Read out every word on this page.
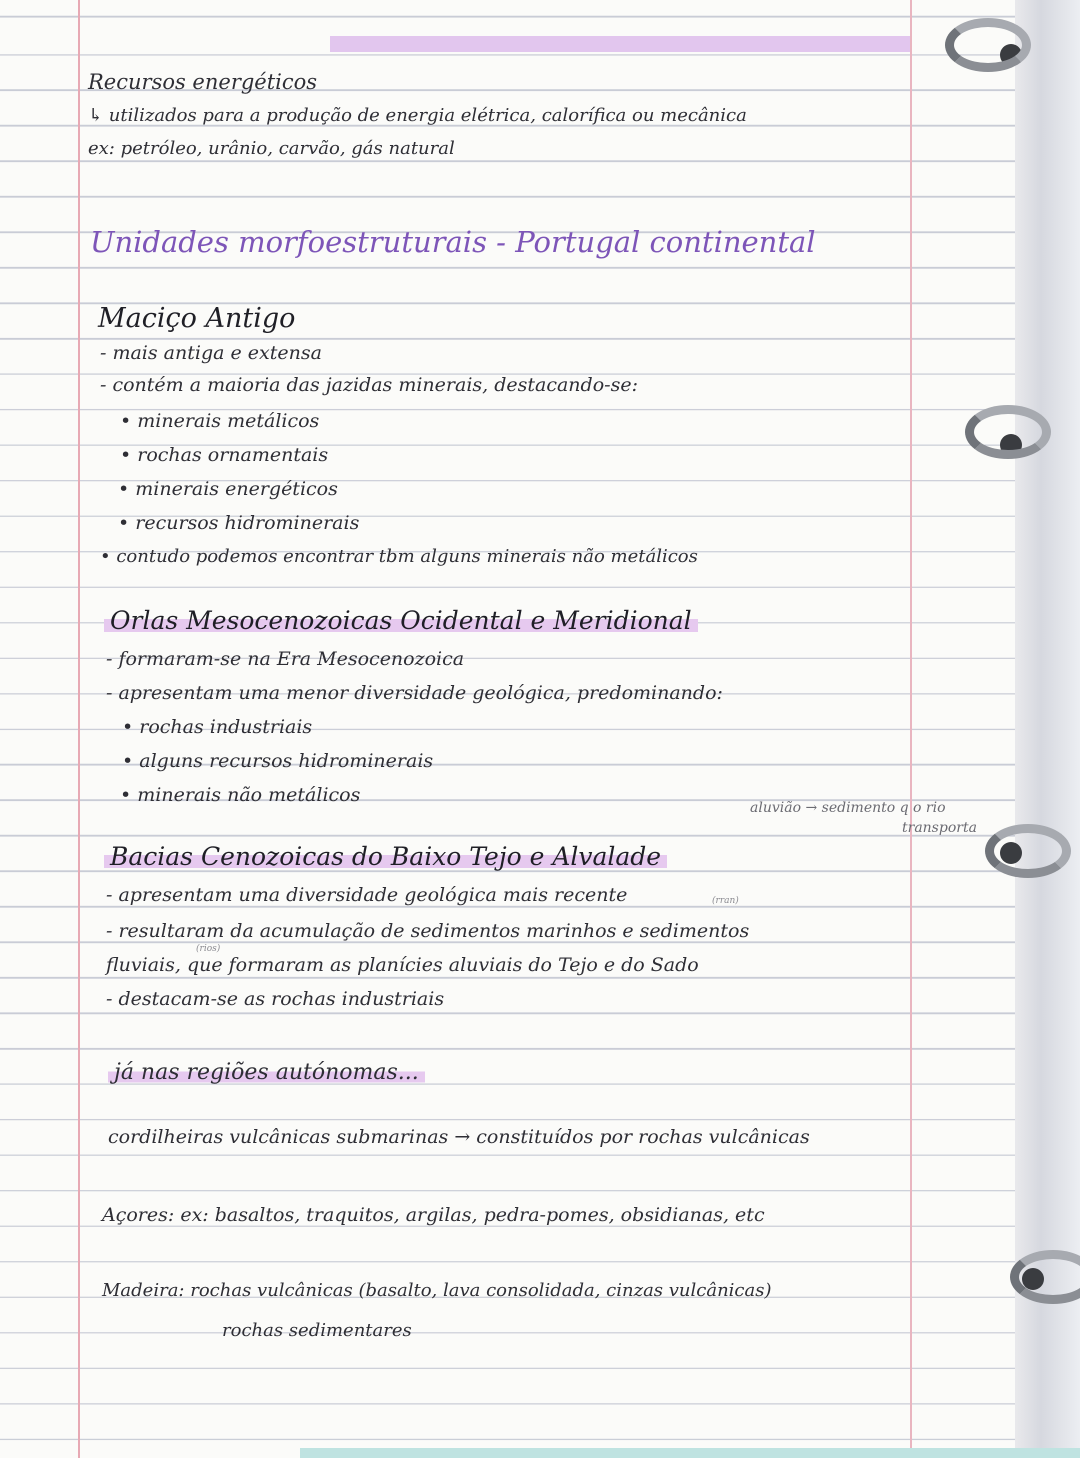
Recursos energéticos
↳ utilizados para a produção de energia elétrica, calorífica ou mecânica
ex: petróleo, urânio, carvão, gás natural
Unidades morfoestruturais - Portugal continental
Maciço Antigo
- mais antiga e extensa
- contém a maioria das jazidas minerais, destacando-se:
• minerais metálicos
• rochas ornamentais
• minerais energéticos
• recursos hidrominerais
• contudo podemos encontrar tbm alguns minerais não metálicos
Orlas Mesocenozoicas Ocidental e Meridional
- formaram-se na Era Mesocenozoica
- apresentam uma menor diversidade geológica, predominando:
• rochas industriais
• alguns recursos hidrominerais
• minerais não metálicos
aluvião → sedimento q o rio
transporta
Bacias Cenozoicas do Baixo Tejo e Alvalade
(rran)
- apresentam uma diversidade geológica mais recente
- resultaram da acumulação de sedimentos marinhos e sedimentos
(rios)
fluviais, que formaram as planícies aluviais do Tejo e do Sado
- destacam-se as rochas industriais
já nas regiões autónomas...
cordilheiras vulcânicas submarinas → constituídos por rochas vulcânicas
Açores: ex: basaltos, traquitos, argilas, pedra-pomes, obsidianas, etc
Madeira: rochas vulcânicas (basalto, lava consolidada, cinzas vulcânicas)
rochas sedimentares
